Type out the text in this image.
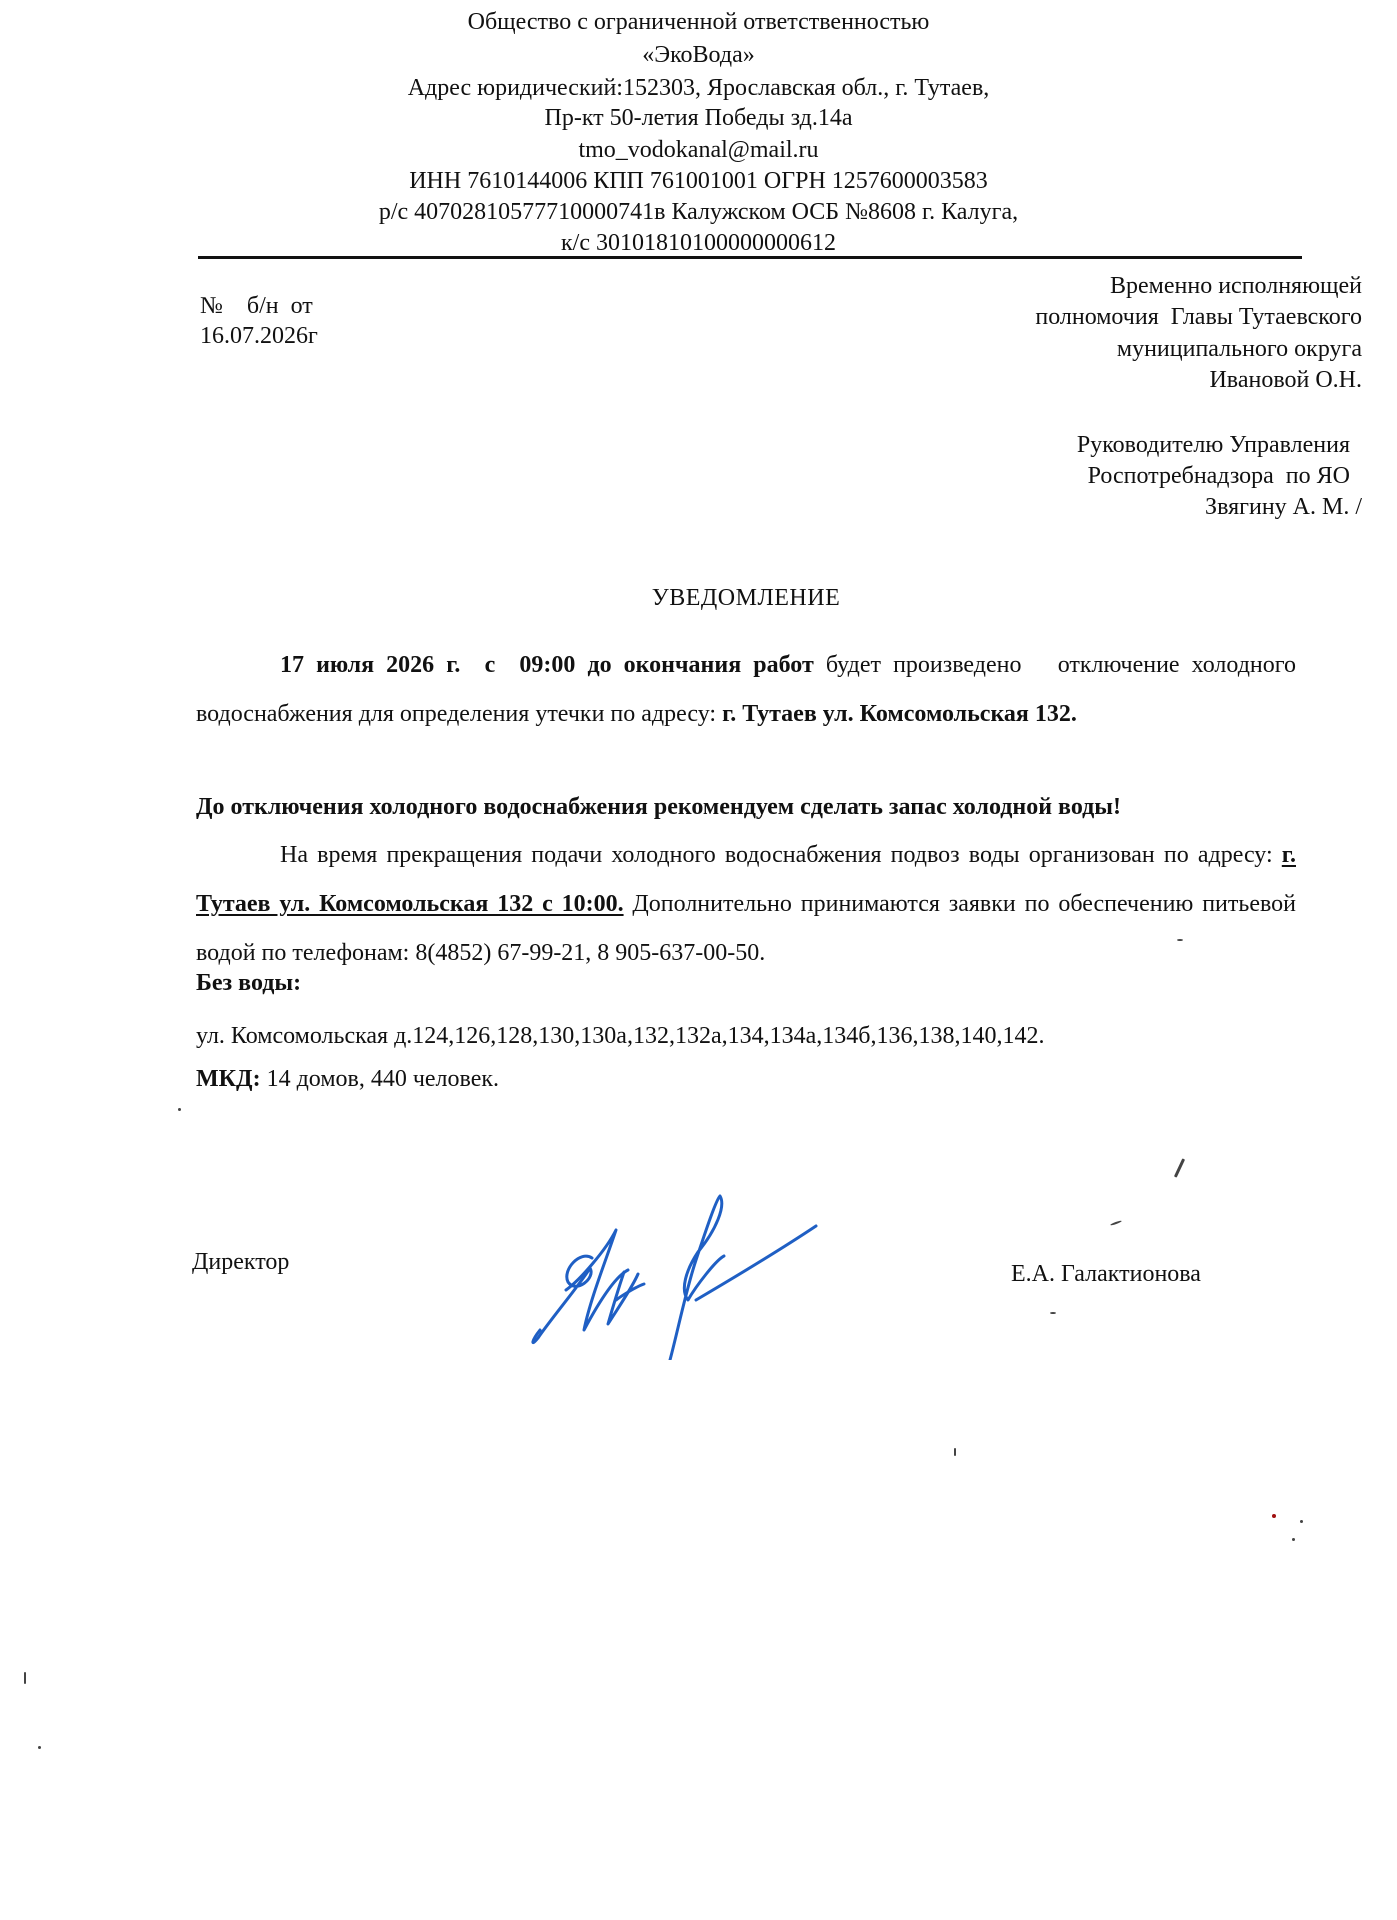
Общество с ограниченной ответственностью
«ЭкоВода»
Адрес юридический:152303, Ярославская обл., г. Тутаев,
Пр-кт 50-летия Победы зд.14а
tmo_vodokanal@mail.ru
ИНН 7610144006 КПП 761001001 ОГРН 1257600003583
р/с 40702810577710000741в Калужском ОСБ №8608 г. Калуга,
к/с 30101810100000000612
№    б/н  от
16.07.2026г
Временно исполняющей
полномочия  Главы Тутаевского
муниципального округа
Ивановой О.Н.
Руководителю Управления
Роспотребнадзора  по ЯО
Звягину А. М. /
УВЕДОМЛЕНИЕ
17 июля 2026 г.  с  09:00 до окончания работ будет произведено   отключение холодного водоснабжения для определения утечки по адресу: г. Тутаев ул. Комсомольская 132.
До отключения холодного водоснабжения рекомендуем сделать запас холодной воды!
На время прекращения подачи холодного водоснабжения подвоз воды организован по адресу: г. Тутаев ул. Комсомольская 132 с 10:00. Дополнительно принимаются заявки по обеспечению питьевой водой по телефонам: 8(4852) 67-99-21, 8 905-637-00-50.
Без воды:
ул. Комсомольская д.124,126,128,130,130а,132,132а,134,134а,134б,136,138,140,142.
МКД: 14 домов, 440 человек.
Директор	Е.А. Галактионова
